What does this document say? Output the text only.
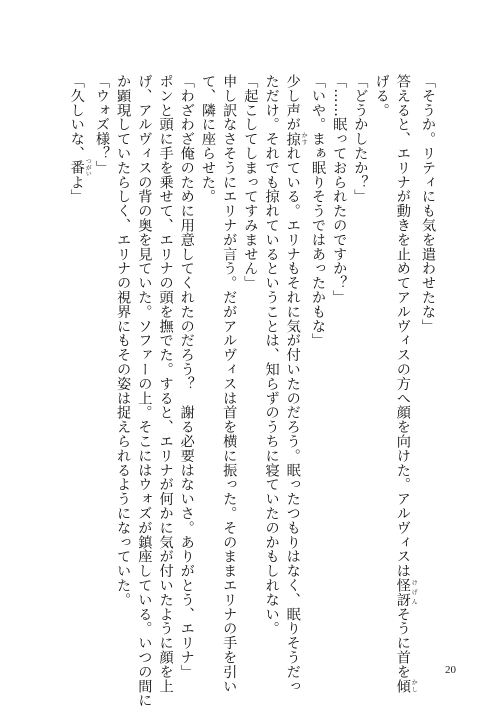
「そうか。リティにも気を遣わせたな」

答えると、エリナが動きを止めてアルヴィスの方へ顔を向けた。アルヴィスは怪訝 けげんそうに首を傾 かし

げる。

「どうかしたか？」

「……眠っておられたのですか？」

「いや。まぁ眠りそうではあったかもな」

少し声が掠 かすれている。エリナもそれに気が付いたのだろう。眠ったつもりはなく、眠りそうだっ

ただけ。それでも掠れているということは、知らずのうちに寝ていたのかもしれない。

「起こしてしまってすみません」

申し訳なさそうにエリナが言う。だがアルヴィスは首を横に振った。そのままエリナの手を引い

て、隣に座らせた。

「わざわざ俺のために用意してくれたのだろう？　謝る必要はないさ。ありがとう、エリナ」

ポンと頭に手を乗せて、エリナの頭を撫でた。すると、エリナが何かに気が付いたように顔を上

げ、アルヴィスの背の奥を見ていた。ソファーの上。そこにはウォズが鎮座している。いつの間に

か顕現していたらしく、エリナの視界にもその姿は捉えられるようになっていた。

「ウォズ様？」

「久しいな、番 つがいよ」

20
